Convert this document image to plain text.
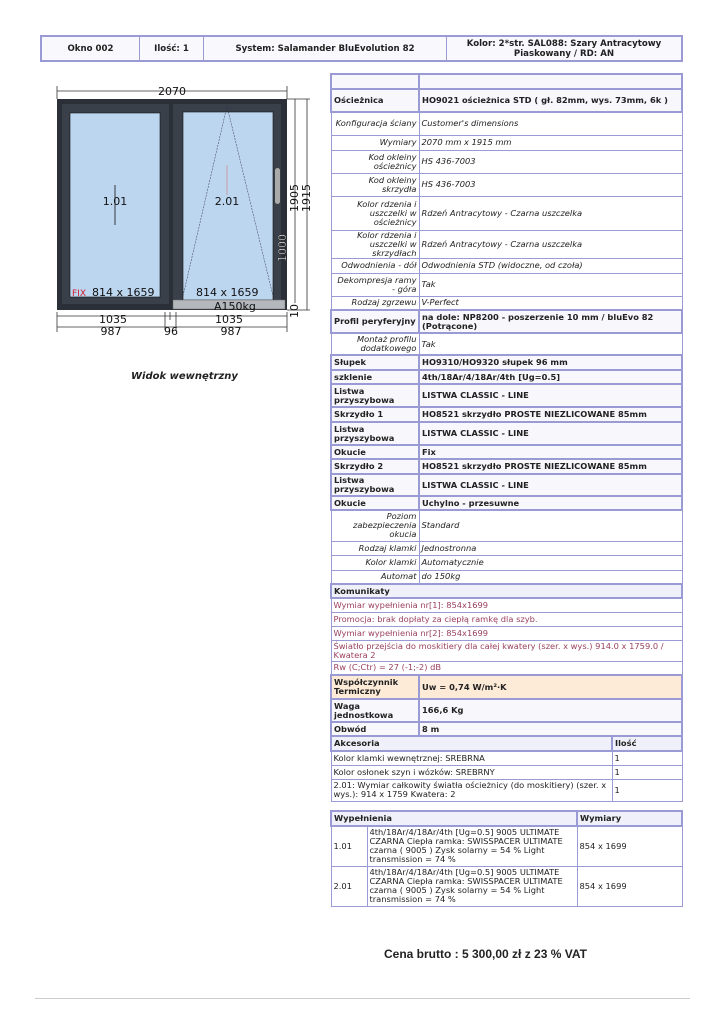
Okno 002	Ilość: 1	System: Salamander BluEvolution 82	Kolor: 2*str. SAL088: Szary Antracytowy Piaskowany / RD: AN
2070
1.01	2.01
FIX 814 x 1659	814 x 1659
A150kg
1905 1915
1000
10
1035	1035
987	96	987
Widok wewnętrzny

Ościeżnica	HO9021 ościeżnica STD ( gł. 82mm, wys. 73mm, 6k )	
Konfiguracja ściany	Customer's dimensions	
Wymiary	2070 mm x 1915 mm	
Kod okleiny ościeżnicy	HS 436-7003	
Kod okleiny skrzydła	HS 436-7003	
Kolor rdzenia i uszczelki w ościeżnicy	Rdzeń Antracytowy - Czarna uszczelka	
Kolor rdzenia i uszczelki w skrzydłach	Rdzeń Antracytowy - Czarna uszczelka	
Odwodnienia - dół	Odwodnienia STD (widoczne, od czoła)	
Dekompresja ramy - góra	Tak	
Rodzaj zgrzewu	V-Perfect	
Profil peryferyjny	na dole: NP8200 - poszerzenie 10 mm / bluEvo 82 (Potrącone)	
Montaż profilu dodatkowego	Tak	
Słupek	HO9310/HO9320 słupek 96 mm	
szklenie	4th/18Ar/4/18Ar/4th [Ug=0.5]	
Listwa przyszybowa	LISTWA CLASSIC - LINE	
Skrzydło 1	HO8521 skrzydło PROSTE NIEZLICOWANE 85mm	
Listwa przyszybowa	LISTWA CLASSIC - LINE	
Okucie	Fix	
Skrzydło 2	HO8521 skrzydło PROSTE NIEZLICOWANE 85mm	
Listwa przyszybowa	LISTWA CLASSIC - LINE	
Okucie	Uchylno - przesuwne	
Poziom zabezpieczenia okucia	Standard	
Rodzaj klamki	Jednostronna	
Kolor klamki	Automatycznie	
Automat	do 150kg	
Komunikaty		
Wymiar wypełnienia nr[1]: 854x1699		
Promocja: brak dopłaty za ciepłą ramkę dla szyb.		
Wymiar wypełnienia nr[2]: 854x1699		
Światło przejścia do moskitiery dla całej kwatery (szer. x wys.) 914.0 x 1759.0 / Kwatera 2		
Rw (C;Ctr) = 27 (-1;-2) dB		
Współczynnik Termiczny	Uw = 0,74 W/m²·K	
Waga jednostkowa	166,6 Kg	
Obwód	8 m	
Akcesoria		Ilość
Kolor klamki wewnętrznej: SREBRNA		1
Kolor osłonek szyn i wózków: SREBRNY		1
2.01: Wymiar całkowity światła ościeżnicy (do moskitiery) (szer. x wys.): 914 x 1759 Kwatera: 2		1
Wypełnienia		Wymiary
1.01	4th/18Ar/4/18Ar/4th [Ug=0.5] 9005 ULTIMATE CZARNA Ciepła ramka: SWISSPACER ULTIMATE czarna ( 9005 ) Zysk solarny = 54 % Light transmission = 74 %	854 x 1699
2.01	4th/18Ar/4/18Ar/4th [Ug=0.5] 9005 ULTIMATE CZARNA Ciepła ramka: SWISSPACER ULTIMATE czarna ( 9005 ) Zysk solarny = 54 % Light transmission = 74 %	854 x 1699
Cena brutto : 5 300,00 zł z 23 % VAT
